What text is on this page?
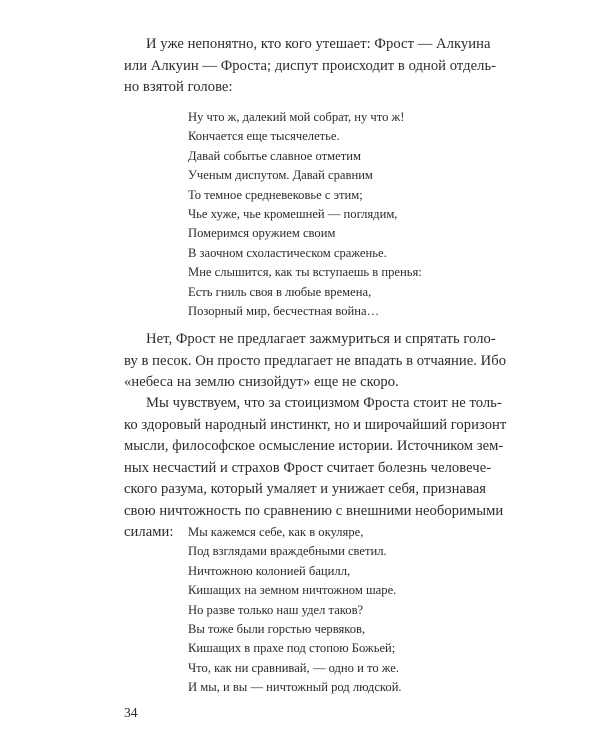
И уже непонятно, кто кого утешает: Фрост — Алкуина
или Алкуин — Фроста; диспут происходит в одной отдель-
но взятой голове:
Ну что ж, далекий мой собрат, ну что ж!
Кончается еще тысячелетье.
Давай событье славное отметим
Ученым диспутом. Давай сравним
То темное средневековье с этим;
Чье хуже, чье кромешней — поглядим,
Померимся оружием своим
В заочном схоластическом сраженье.
Мне слышится, как ты вступаешь в пренья:
Есть гниль своя в любые времена,
Позорный мир, бесчестная война…
Нет, Фрост не предлагает зажмуриться и спрятать голо-
ву в песок. Он просто предлагает не впадать в отчаяние. Ибо
«небеса на землю снизойдут» еще не скоро.
Мы чувствуем, что за стоицизмом Фроста стоит не толь-
ко здоровый народный инстинкт, но и широчайший горизонт
мысли, философское осмысление истории. Источником зем-
ных несчастий и страхов Фрост считает болезнь человече-
ского разума, который умаляет и унижает себя, признавая
свою ничтожность по сравнению с внешними необоримыми
силами:	Мы кажемся себе, как в окуляре,
Под взглядами враждебными светил.
Ничтожною колонией бацилл,
Кишащих на земном ничтожном шаре.
Но разве только наш удел таков?
Вы тоже были горстью червяков,
Кишащих в прахе под стопою Божьей;
Что, как ни сравнивай, — одно и то же.
И мы, и вы — ничтожный род людской.
34
